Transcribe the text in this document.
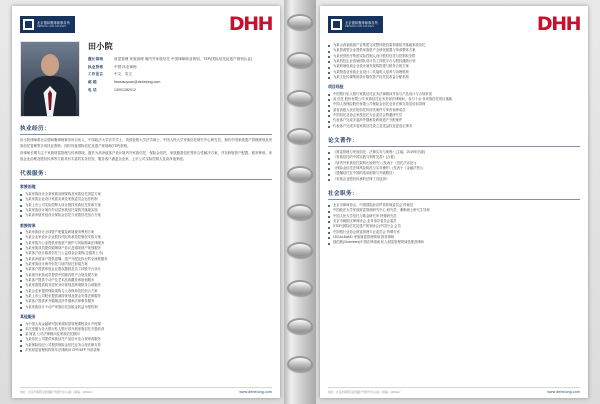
北京德和衡律师事务所
DEHENG LAW OFFICES	DHH
田小院
擅长领域	财富管理 家族治理 境内外家族信托 中国律师职业规划、TEP(国际信托及遗产规划认证)
执业资格	中国 执业律师
工作语言	中文、英文
邮 箱	tianxiaoyuan@dehelong.com
电 话	13001282012
执业经历：

田小院律师系北京德和衡律师事务所合伙人，中国政法大学法学学士，英国伦敦大学法学硕士，中国人民大学家族信托研究中心研究员，拥有中国家族遗产管理规划及家族信托管理等多项执业资格；同时具备国际信托及遗产规划师(TEP)资格。

田律师长期专注于家族财富管理与传承领域，擅长为高净值客户设计境内外家族信托、保险金信托、家族慈善信托等综合性解决方案，并在跨境资产配置、税务筹划、家族企业治理及股权传承等方面具有丰富的实务经验，服务客户涵盖企业家、上市公司实际控制人及高净值家庭。

代表服务：
家族治理
为某家族设计全套家族治理架构及家族信托顶层方案
为某家族企业设计家族宪章及家族委员会运作机制
为某上市公司实际控制人设计股权家族信托传承方案
为某家族设计境内外双层家族信托架构并落地实施
为某高净值家庭设计保险金信托与家族信托组合方案
家族传承
为某家族设计全球资产配置及跨境税务筹划方案
为某企业家设计企业股权代际传承及控制权安排方案
为某家族办公室提供家族资产保护与风险隔离法律服务
为某家族成员提供婚姻财产协议及婚前财产规划服务
为某客户设计慈善信托与公益基金会架构(含慈善上市)
为某高净值客户提供遗嘱、遗产分配及执行的全流程服务
为某家族设计海外信托与境内信托衔接方案
为某客户提供家族企业股权激励及员工持股平台设计
为某境外家族成员提供中国境内资产合规处置方案
为某客户提供不动产及艺术品收藏传承规划服务
为某家族提供税务居民身份规划及跨境税务合规服务
为某企业家提供保险架构与人寿保单信托组合方案
为某上市公司股东提供减持规划及资金安排法律服务
为某客户提供涉外婚姻及涉外继承法律事务服务
为某家族设计不动产家族信托及租金收益分配机制
其他服务
为中国人寿金融研究院家族财富管理课程设计并授课
多次受邀为各大银行私人银行部开展家族信托专题培训
某 财富 公司法律顾问及家族信托顾问
为某信托公司提供家族信托产品设计及合规审查服务
为某保险经纪公司提供保险金信托业务合规法律支持
多家财富管理机构常年法律顾问 CFP/AFP 外部讲师
地址：北京市朝阳区建国路7号国贸中心A座（邮编：100022）	www.dehelong.com
北京德和衡律师事务所
DEHENG LAW OFFICES	DHH
为某山西某能源产业集团完成整体股权架构重组并落地家族信托
为某资源型企业提供家族资产全球化配置与传承整体方案
为某民营医疗集团实际控制人设计股权信托与控制权安排
为某科技企业创始团队设计员工持股平台与股权激励计划
为某跨境电商企业设计境外架构搭建与税务合规方案
为某制造业家族企业设计二代接班人培养与治理机制
为某文化传媒集团设计版权资产信托及收益分配机制
项目经验
中国银行私人银行家族信托业务法律顾问并参与产品设计与合规审查
某 信托 股份有限公司 家族信托业务外部法律顾问，参与十余 单家族信托项目落地
中国人寿保险股份有限公司保险金信托业务法律支持及培训讲师
某省高级人民法院信托纠纷类案件专家咨询库成员
中国信托业协会家族信托专业委员会特邀研究员
代表客户完成多起涉外继承及跨境遗产分配案件
代表客户完成多起家族信托设立及受益权变更登记事务
论文著作：
《财富管理与家族信托：法律实务与案例》(主编，2019年出版)
《家族信托的中国实践与制度完善》(合著)
《境内外家族信托架构比较研究》(发表于《信托法评论》)
《保险金信托法律风险防范与实务操作》(发表于《金融法苑》)
《遗嘱信托在中国的适用困境与突破路径》
《家族企业股权传承的法律工具选择》
社会职务：
北京市律师协会、中国国际经济贸易仲裁委员会 仲裁员
中国政法大学家族财富管理研究中心 研究员、兼职硕士研究生导师
中国人民大学信托与基金研究所 特邀研究员
北京市朝阳区律师协会 业务指导委员会委员
STEP(国际信托及遗产规划协会)中国分会 会员
中国银行业协会财富管理专业委员会 特聘专家
LEGALBAND 家族财富管理领域 推荐律师
钱伯斯(Chambers)中国法律指南 私人财富管理领域受推荐律师
地址：北京市朝阳区建国路7号国贸中心A座（邮编：100022）	www.dehelong.com
